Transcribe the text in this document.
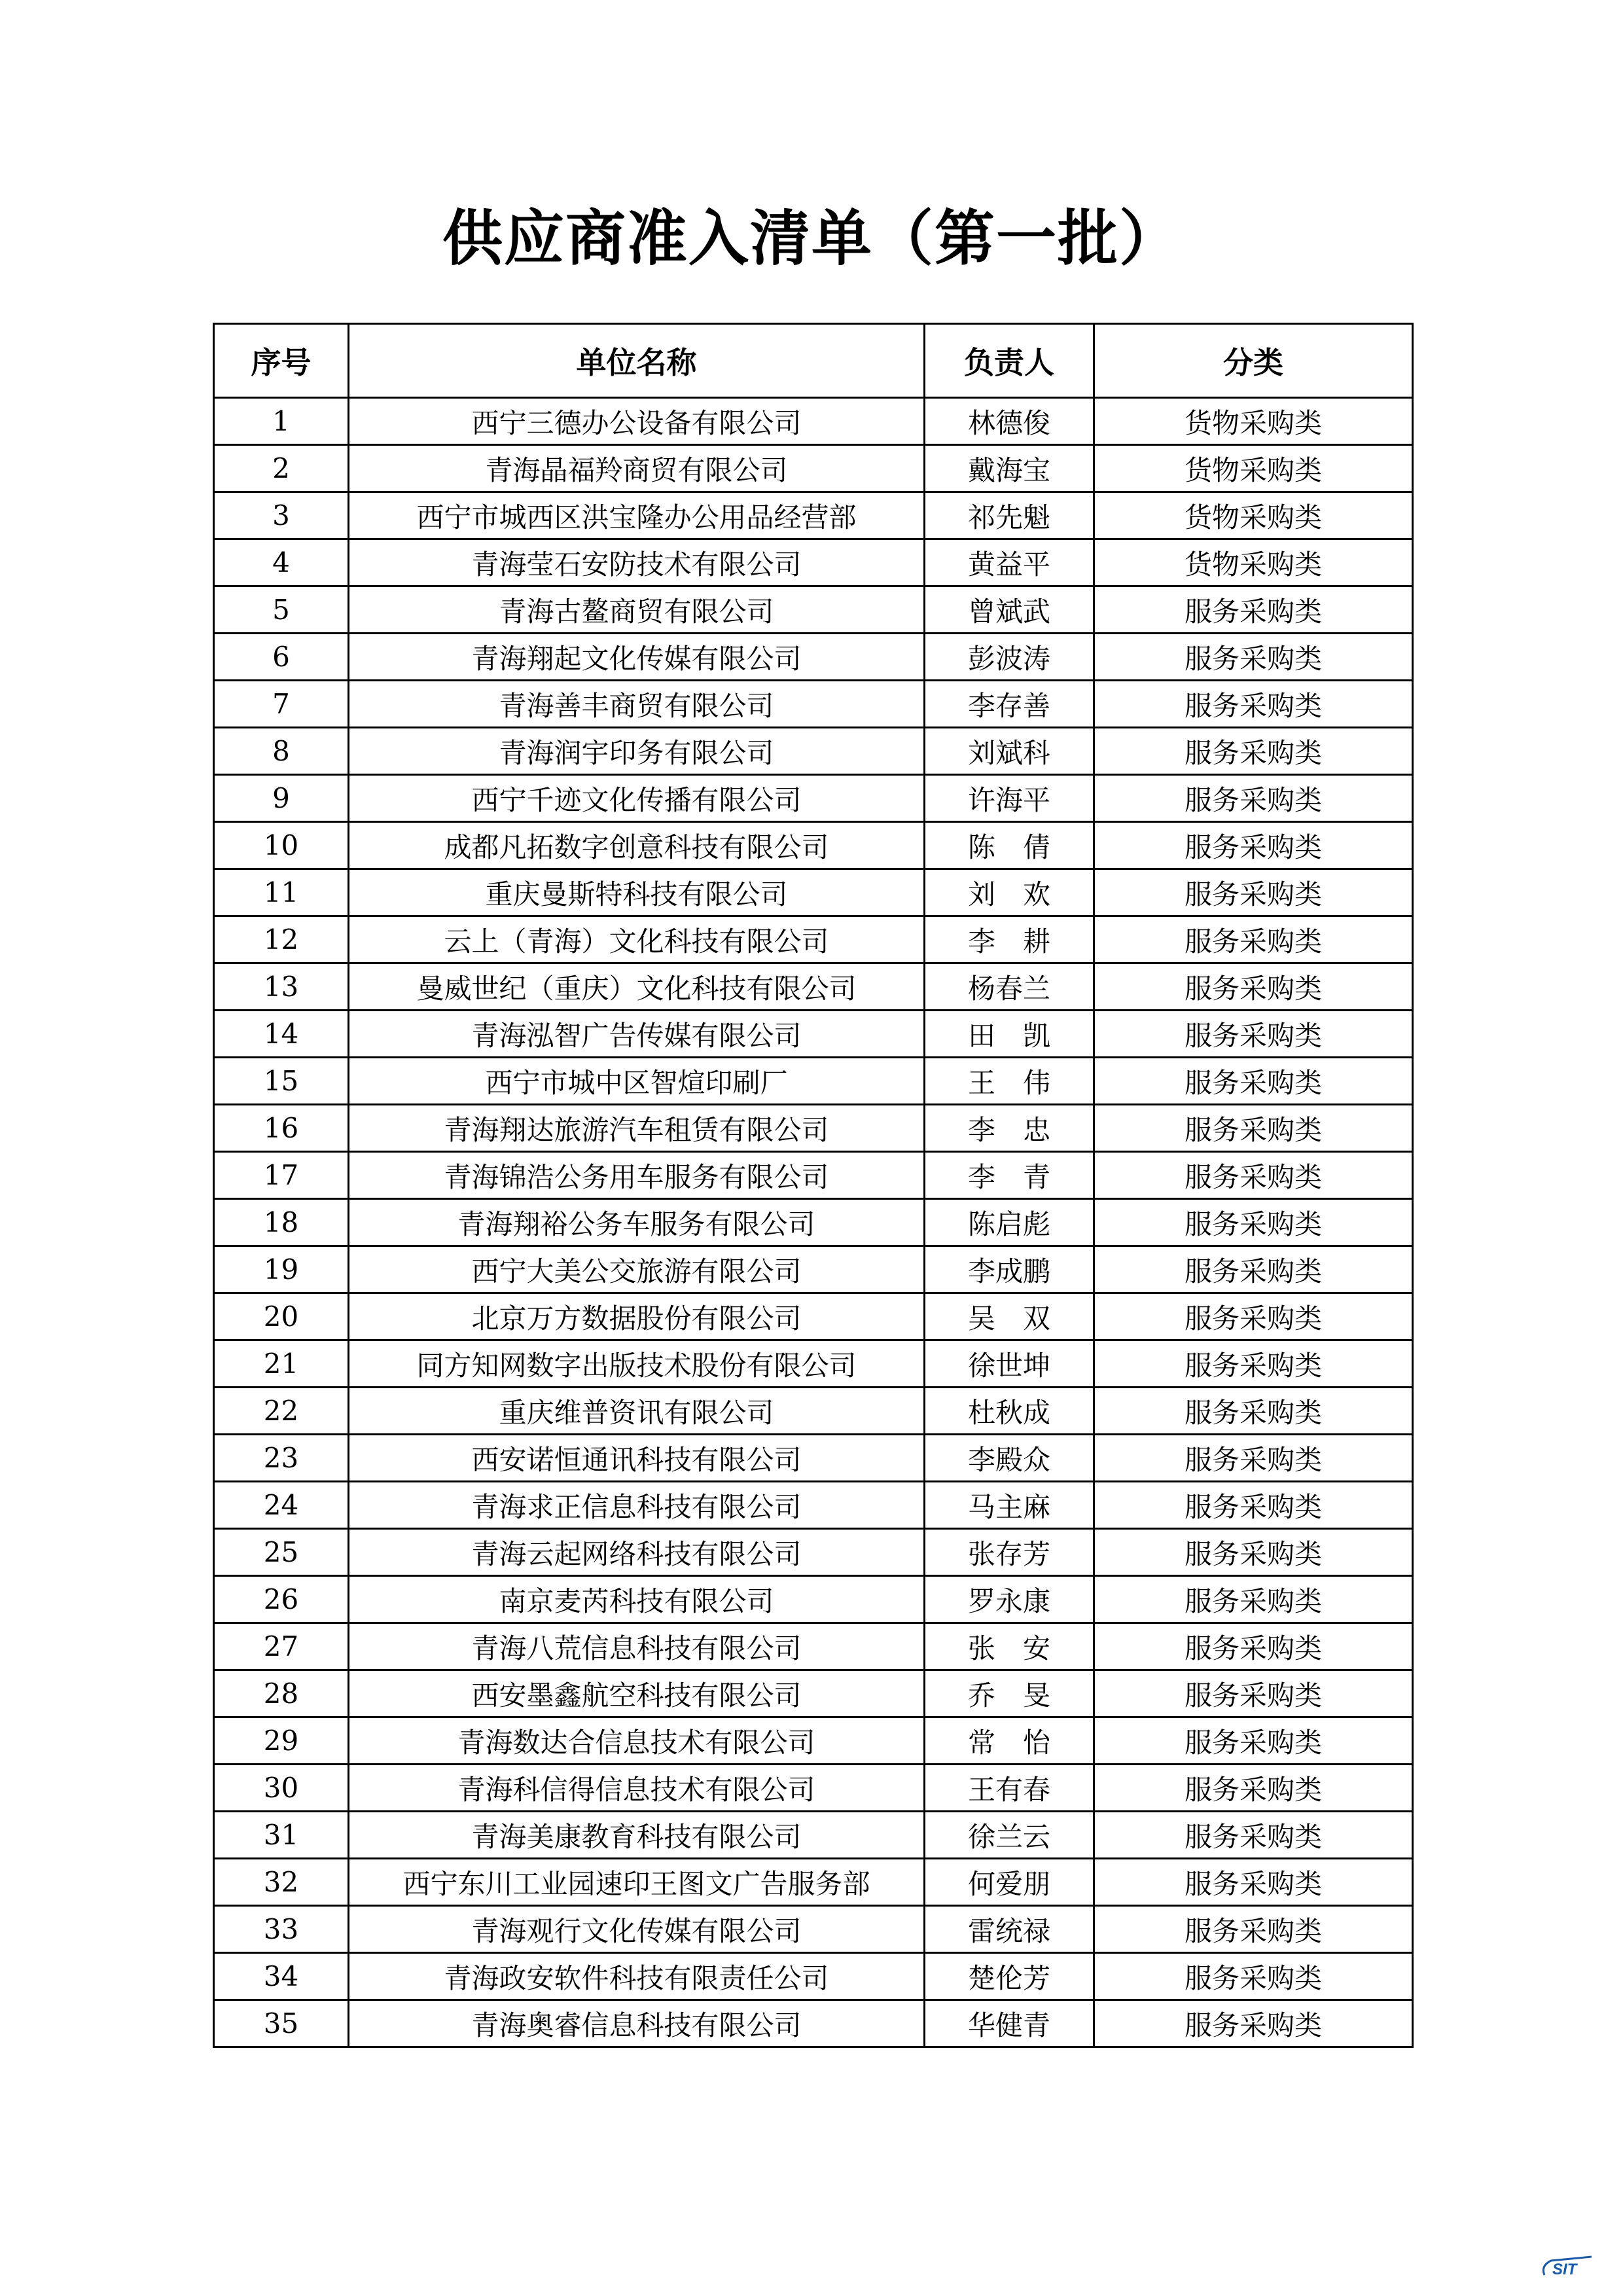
供应商准入清单（第一批）
序号	单位名称	负责人	分类
1	西宁三德办公设备有限公司	林德俊	货物采购类
2	青海晶福羚商贸有限公司	戴海宝	货物采购类
3	西宁市城西区洪宝隆办公用品经营部	祁先魁	货物采购类
4	青海莹石安防技术有限公司	黄益平	货物采购类
5	青海古鳌商贸有限公司	曾斌武	服务采购类
6	青海翔起文化传媒有限公司	彭波涛	服务采购类
7	青海善丰商贸有限公司	李存善	服务采购类
8	青海润宇印务有限公司	刘斌科	服务采购类
9	西宁千迹文化传播有限公司	许海平	服务采购类
10	成都凡拓数字创意科技有限公司	陈　倩	服务采购类
11	重庆曼斯特科技有限公司	刘　欢	服务采购类
12	云上（青海）文化科技有限公司	李　耕	服务采购类
13	曼威世纪（重庆）文化科技有限公司	杨春兰	服务采购类
14	青海泓智广告传媒有限公司	田　凯	服务采购类
15	西宁市城中区智煊印刷厂	王　伟	服务采购类
16	青海翔达旅游汽车租赁有限公司	李　忠	服务采购类
17	青海锦浩公务用车服务有限公司	李　青	服务采购类
18	青海翔裕公务车服务有限公司	陈启彪	服务采购类
19	西宁大美公交旅游有限公司	李成鹏	服务采购类
20	北京万方数据股份有限公司	吴　双	服务采购类
21	同方知网数字出版技术股份有限公司	徐世坤	服务采购类
22	重庆维普资讯有限公司	杜秋成	服务采购类
23	西安诺恒通讯科技有限公司	李殿众	服务采购类
24	青海求正信息科技有限公司	马主麻	服务采购类
25	青海云起网络科技有限公司	张存芳	服务采购类
26	南京麦芮科技有限公司	罗永康	服务采购类
27	青海八荒信息科技有限公司	张　安	服务采购类
28	西安墨鑫航空科技有限公司	乔　旻	服务采购类
29	青海数达合信息技术有限公司	常　怡	服务采购类
30	青海科信得信息技术有限公司	王有春	服务采购类
31	青海美康教育科技有限公司	徐兰云	服务采购类
32	西宁东川工业园速印王图文广告服务部	何爱朋	服务采购类
33	青海观行文化传媒有限公司	雷统禄	服务采购类
34	青海政安软件科技有限责任公司	楚伦芳	服务采购类
35	青海奥睿信息科技有限公司	华健青	服务采购类
SIT
